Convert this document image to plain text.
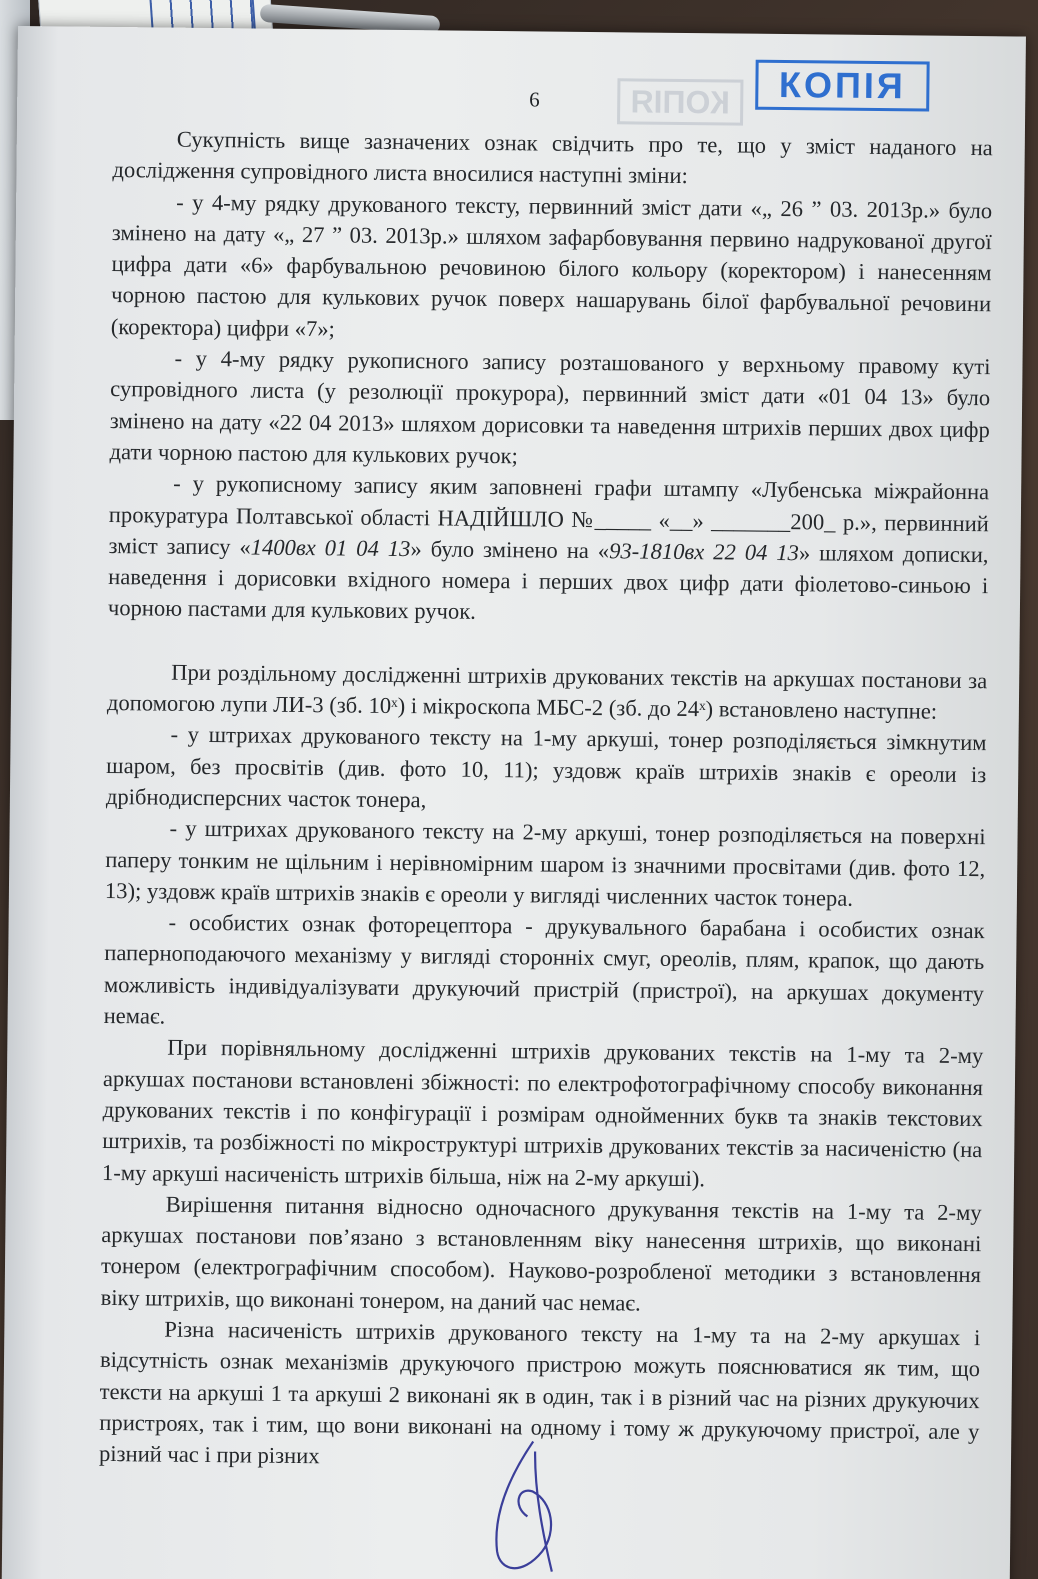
КОПІЯ	КОПІЯ
6

Сукупність вище зазначених ознак свідчить про те, що у зміст наданого на дослідження супровідного листа вносилися наступні зміни:

- у 4-му рядку друкованого тексту, первинний зміст дати «„ 26 ” 03. 2013р.» було змінено на дату «„ 27 ” 03. 2013р.» шляхом зафарбовування первино надрукованої другої цифра дати «6» фарбувальною речовиною білого кольору (коректором) і нанесенням чорною пастою для кулькових ручок поверх нашарувань білої фарбувальної речовини (коректора) цифри «7»;

- у 4-му рядку рукописного запису розташованого у верхньому правому куті супровідного листа (у резолюції прокурора), первинний зміст дати «01 04 13» було змінено на дату «22 04 2013» шляхом дорисовки та наведення штрихів перших двох цифр дати чорною пастою для кулькових ручок;

- у рукописному запису яким заповнені графи штампу «Лубенська міжрайонна прокуратура Полтавської області НАДІЙШЛО №_____ «__» _______200_ р.», первинний зміст запису «1400вх 01 04 13» було змінено на «93-1810вх 22 04 13» шляхом дописки, наведення і дорисовки вхідного номера і перших двох цифр дати фіолетово-синьою і чорною пастами для кулькових ручок.

При роздільному дослідженні штрихів друкованих текстів на аркушах постанови за допомогою лупи ЛИ-3 (зб. 10ˣ) і мікроскопа МБС-2 (зб. до 24ˣ) встановлено наступне:

- у штрихах друкованого тексту на 1-му аркуші, тонер розподіляється зімкнутим шаром, без просвітів (див. фото 10, 11); уздовж країв штрихів знаків є ореоли із дрібнодисперсних часток тонера,

- у штрихах друкованого тексту на 2-му аркуші, тонер розподіляється на поверхні паперу тонким не щільним і нерівномірним шаром із значними просвітами (див. фото 12, 13); уздовж країв штрихів знаків є ореоли у вигляді численних часток тонера.

- особистих ознак фоторецептора - друкувального барабана і особистих ознак паперноподаючого механізму у вигляді сторонніх смуг, ореолів, плям, крапок, що дають можливість індивідуалізувати друкуючий пристрій (пристрої), на аркушах документу немає.

При порівняльному дослідженні штрихів друкованих текстів на 1-му та 2-му аркушах постанови встановлені збіжності: по електрофотографічному способу виконання друкованих текстів і по конфігурації і розмірам однойменних букв та знаків текстових штрихів, та розбіжності по мікроструктурі штрихів друкованих текстів за насиченістю (на 1-му аркуші насиченість штрихів більша, ніж на 2-му аркуші).

Вирішення питання відносно одночасного друкування текстів на 1-му та 2-му аркушах постанови пов’язано з встановленням віку нанесення штрихів, що виконані тонером (електрографічним способом). Науково-розробленої методики з встановлення віку штрихів, що виконані тонером, на даний час немає.

Різна насиченість штрихів друкованого тексту на 1-му та на 2-му аркушах і відсутність ознак механізмів друкуючого пристрою можуть пояснюватися як тим, що тексти на аркуші 1 та аркуші 2 виконані як в один, так і в різний час на різних друкуючих пристроях, так і тим, що вони виконані на одному і тому ж друкуючому пристрої, але у різний час і при різних
